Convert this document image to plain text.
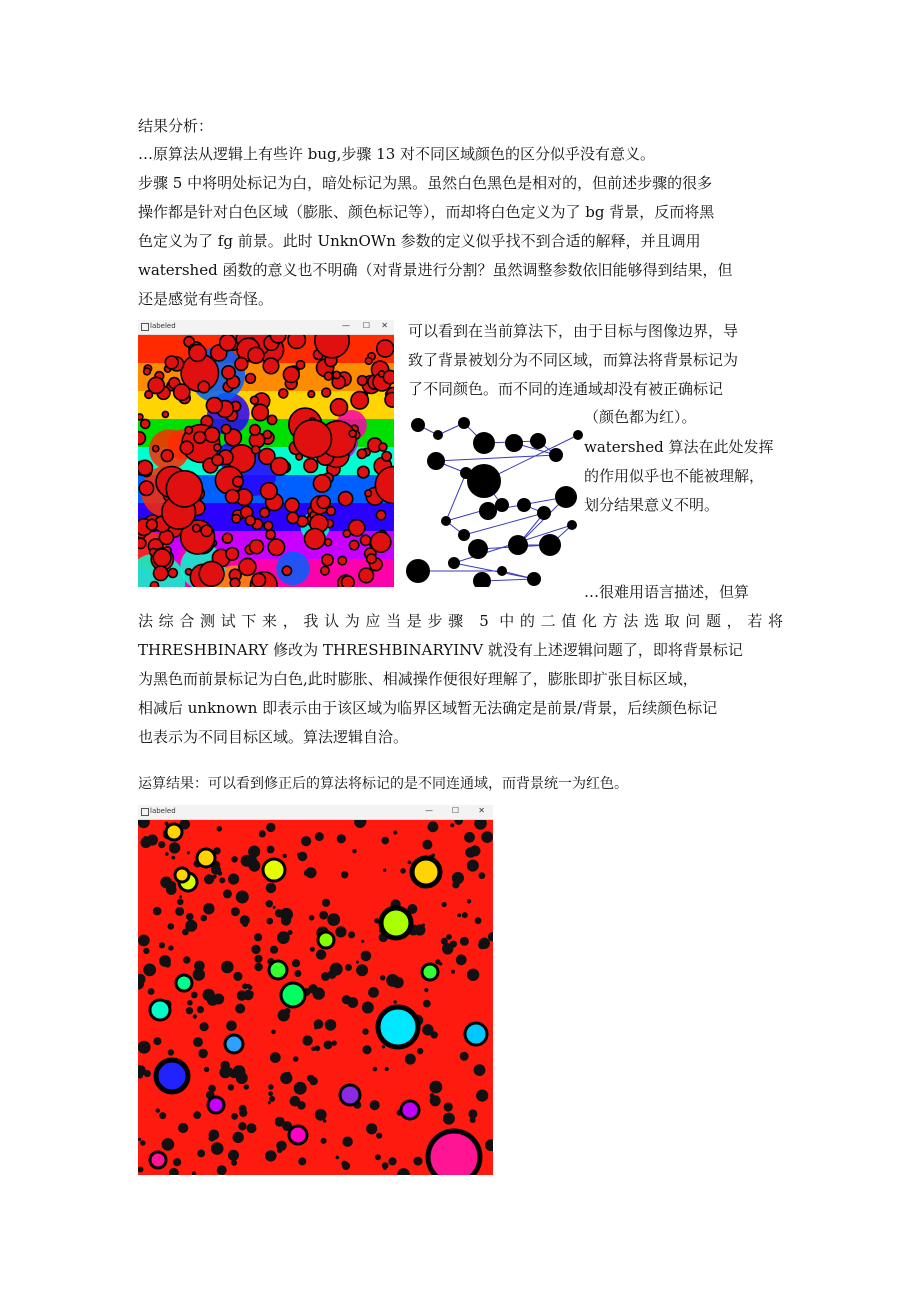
结果分析：
…原算法从逻辑上有些许 bug,步骤 13 对不同区域颜色的区分似乎没有意义。
步骤 5 中将明处标记为白，暗处标记为黑。虽然白色黑色是相对的，但前述步骤的很多
操作都是针对白色区域（膨胀、颜色标记等），而却将白色定义为了 bg 背景，反而将黑
色定义为了 fg 前景。此时 UnknOWn 参数的定义似乎找不到合适的解释，并且调用
watershed 函数的意义也不明确（对背景进行分割？虽然调整参数依旧能够得到结果，但
还是感觉有些奇怪。
labeled	— ☐ ✕ 可以看到在当前算法下，由于目标与图像边界，导
致了背景被划分为不同区域，而算法将背景标记为
了不同颜色。而不同的连通域却没有被正确标记
（颜色都为红）。
watershed 算法在此处发挥
的作用似乎也不能被理解，
划分结果意义不明。
…很难用语言描述，但算
法综合测试下来，我认为应当是步骤 5 中的二值化方法选取问题，若将
THRESHBINARY 修改为 THRESHBINARYINV 就没有上述逻辑问题了，即将背景标记
为黑色而前景标记为白色,此时膨胀、相减操作便很好理解了，膨胀即扩张目标区域，
相减后 unknown 即表示由于该区域为临界区域暂无法确定是前景/背景，后续颜色标记
也表示为不同目标区域。算法逻辑自洽。
运算结果：可以看到修正后的算法将标记的是不同连通域，而背景统一为红色。
labeled	— ☐ ✕
